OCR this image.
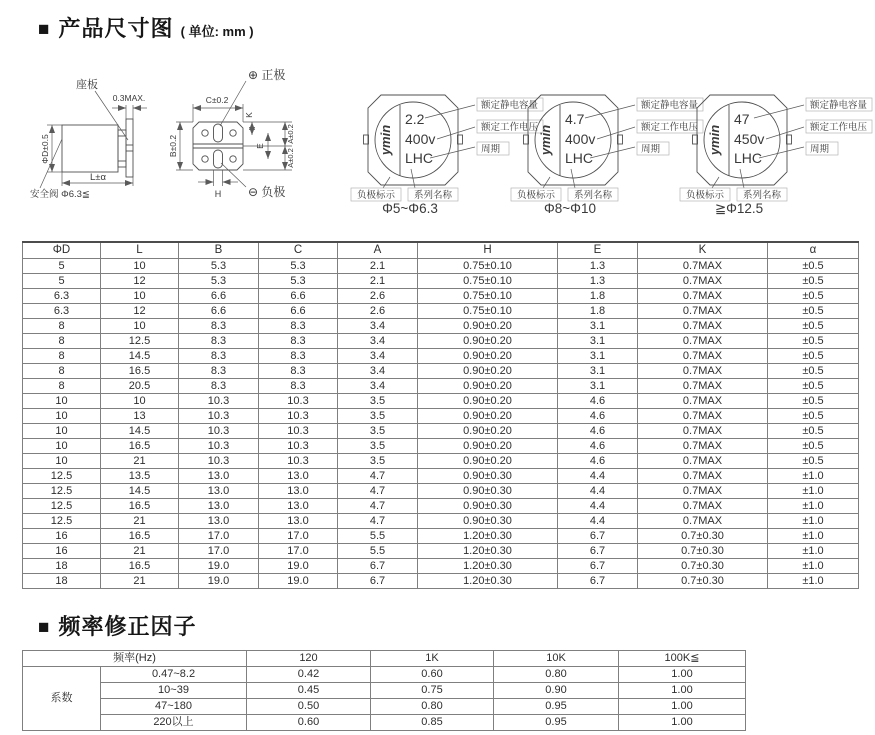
■ 产品尺寸图 ( 单位: mm )
座板
0.3MAX.
ΦD±0.5
L±α
安全阀 Φ6.3≦
C±0.2
B±0.2
K
E
A±0.2
A±0.2
H
⊕ 正极
⊖ 负极
ymin
2.2
400v
LHC
额定静电容量
额定工作电压
周期
负极标示 系列名称
Φ5~Φ6.3
ymin
4.7
400v
LHC
额定静电容量
额定工作电压
周期
负极标示 系列名称
Φ8~Φ10
ymin
47
450v
LHC
额定静电容量
额定工作电压
周期
负极标示 系列名称
≧Φ12.5
ΦD	L	B	C	A	H	E	K	α
5	10	5.3	5.3	2.1	0.75±0.10	1.3	0.7MAX	±0.5
5	12	5.3	5.3	2.1	0.75±0.10	1.3	0.7MAX	±0.5
6.3	10	6.6	6.6	2.6	0.75±0.10	1.8	0.7MAX	±0.5
6.3	12	6.6	6.6	2.6	0.75±0.10	1.8	0.7MAX	±0.5
8	10	8.3	8.3	3.4	0.90±0.20	3.1	0.7MAX	±0.5
8	12.5	8.3	8.3	3.4	0.90±0.20	3.1	0.7MAX	±0.5
8	14.5	8.3	8.3	3.4	0.90±0.20	3.1	0.7MAX	±0.5
8	16.5	8.3	8.3	3.4	0.90±0.20	3.1	0.7MAX	±0.5
8	20.5	8.3	8.3	3.4	0.90±0.20	3.1	0.7MAX	±0.5
10	10	10.3	10.3	3.5	0.90±0.20	4.6	0.7MAX	±0.5
10	13	10.3	10.3	3.5	0.90±0.20	4.6	0.7MAX	±0.5
10	14.5	10.3	10.3	3.5	0.90±0.20	4.6	0.7MAX	±0.5
10	16.5	10.3	10.3	3.5	0.90±0.20	4.6	0.7MAX	±0.5
10	21	10.3	10.3	3.5	0.90±0.20	4.6	0.7MAX	±0.5
12.5	13.5	13.0	13.0	4.7	0.90±0.30	4.4	0.7MAX	±1.0
12.5	14.5	13.0	13.0	4.7	0.90±0.30	4.4	0.7MAX	±1.0
12.5	16.5	13.0	13.0	4.7	0.90±0.30	4.4	0.7MAX	±1.0
12.5	21	13.0	13.0	4.7	0.90±0.30	4.4	0.7MAX	±1.0
16	16.5	17.0	17.0	5.5	1.20±0.30	6.7	0.7±0.30	±1.0
16	21	17.0	17.0	5.5	1.20±0.30	6.7	0.7±0.30	±1.0
18	16.5	19.0	19.0	6.7	1.20±0.30	6.7	0.7±0.30	±1.0
18	21	19.0	19.0	6.7	1.20±0.30	6.7	0.7±0.30	±1.0
■ 频率修正因子
频率(Hz)		120	1K	10K	100K≦
系数	0.47~8.2	0.42	0.60	0.80	1.00
	10~39	0.45	0.75	0.90	1.00
	47~180	0.50	0.80	0.95	1.00
	220以上	0.60	0.85	0.95	1.00
